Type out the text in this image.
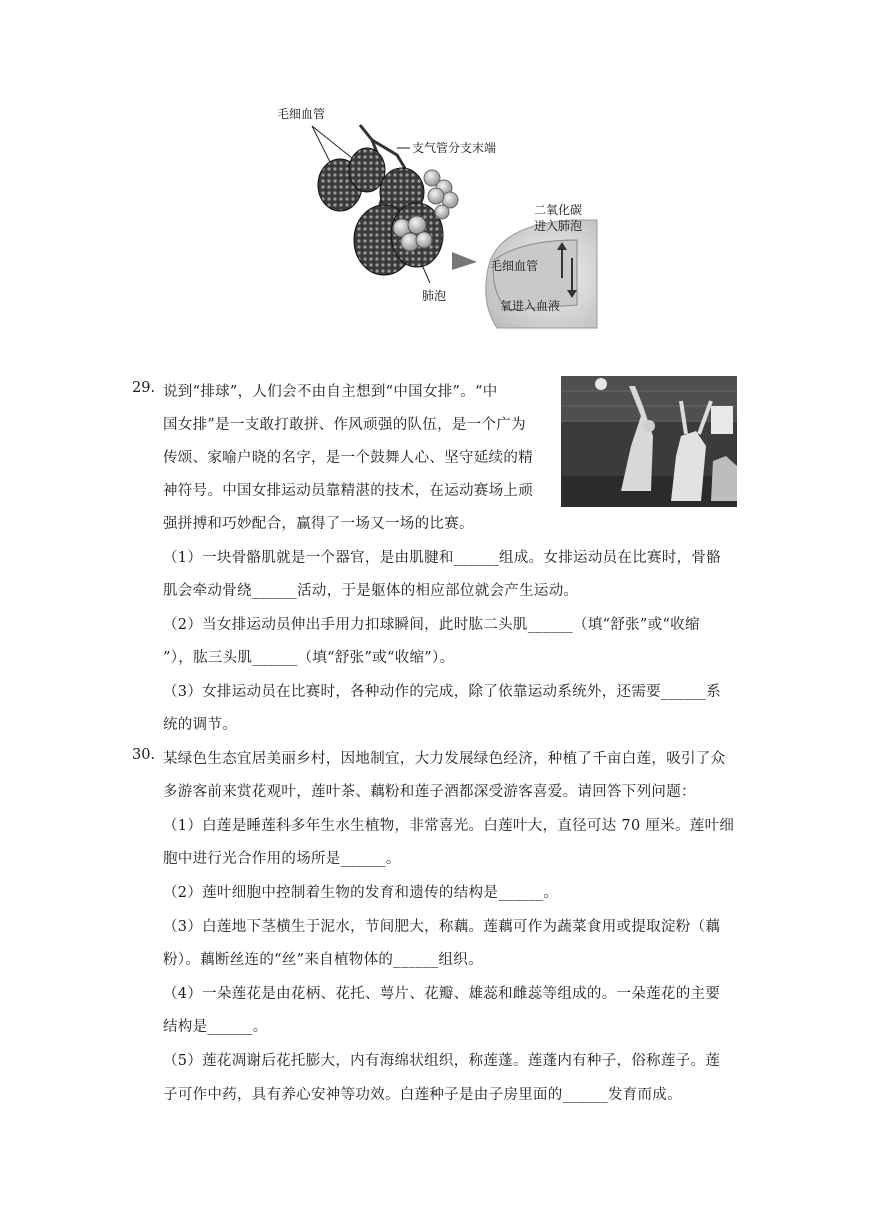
毛细血管
支气管分支末端
肺泡
二氧化碳
进入肺泡
毛细血管
氧进入血液
29. 说到“排球”，人们会不由自主想到“中国女排”。“中
国女排”是一支敢打敢拼、作风顽强的队伍，是一个广为
传颂、家喻户晓的名字，是一个鼓舞人心、坚守延续的精
神符号。中国女排运动员靠精湛的技术，在运动赛场上顽
强拼搏和巧妙配合，赢得了一场又一场的比赛。
（1）一块骨骼肌就是一个器官，是由肌腱和______组成。女排运动员在比赛时，骨骼
肌会牵动骨绕______活动，于是躯体的相应部位就会产生运动。
（2）当女排运动员伸出手用力扣球瞬间，此时肱二头肌______（填“舒张”或“收缩
”），肱三头肌______（填“舒张”或“收缩”）。
（3）女排运动员在比赛时，各种动作的完成，除了依靠运动系统外，还需要______系
统的调节。
30. 某绿色生态宜居美丽乡村，因地制宜，大力发展绿色经济，种植了千亩白莲，吸引了众
多游客前来赏花观叶，莲叶茶、藕粉和莲子酒都深受游客喜爱。请回答下列问题：
（1）白莲是睡莲科多年生水生植物，非常喜光。白莲叶大，直径可达 70 厘米。莲叶细
胞中进行光合作用的场所是______。
（2）莲叶细胞中控制着生物的发育和遗传的结构是______。
（3）白莲地下茎横生于泥水，节间肥大，称藕。莲藕可作为蔬菜食用或提取淀粉（藕
粉）。藕断丝连的“丝”来自植物体的______组织。
（4）一朵莲花是由花柄、花托、萼片、花瓣、雄蕊和雌蕊等组成的。一朵莲花的主要
结构是______。
（5）莲花凋谢后花托膨大，内有海绵状组织，称莲蓬。莲蓬内有种子，俗称莲子。莲
子可作中药，具有养心安神等功效。白莲种子是由子房里面的______发育而成。
